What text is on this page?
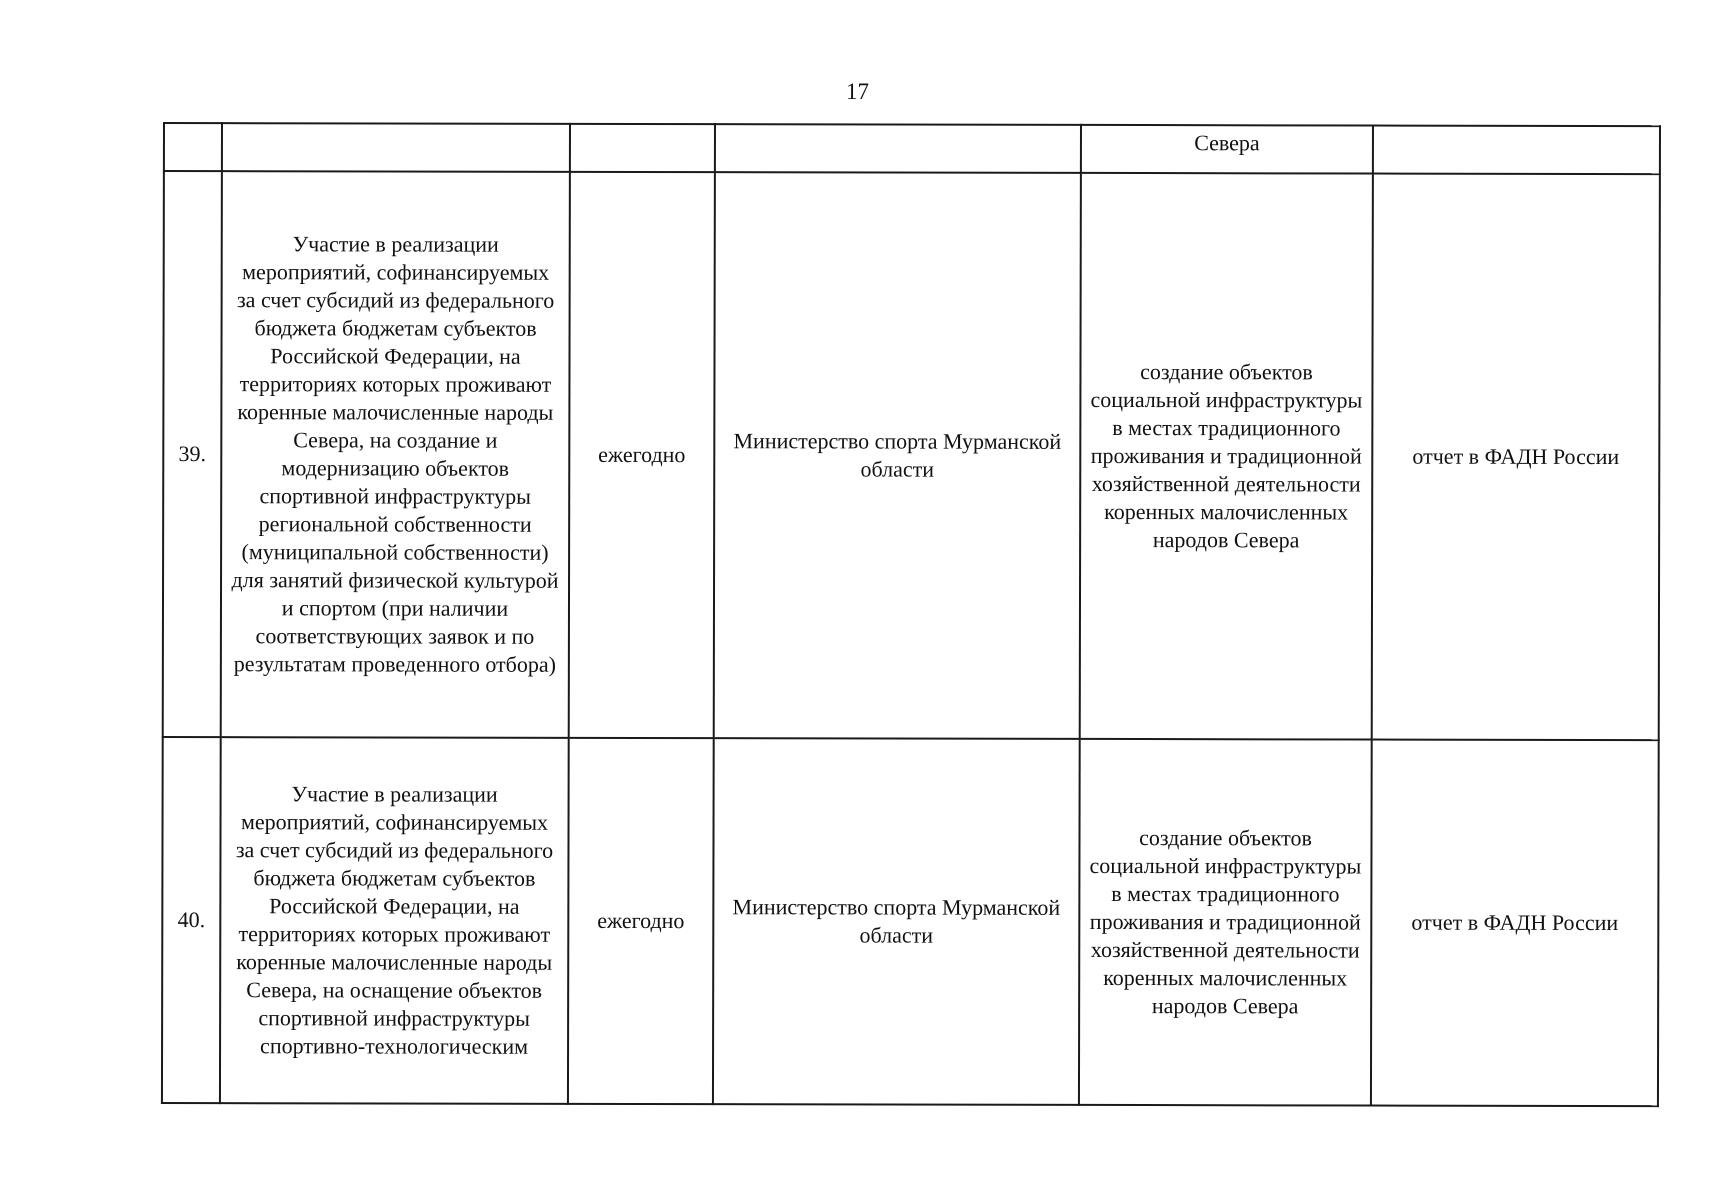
17
				Севера	
39.	Участие в реализации мероприятий, софинансируемых за счет субсидий из федерального бюджета бюджетам субъектов Российской Федерации, на территориях которых проживают коренные малочисленные народы Севера, на создание и модернизацию объектов спортивной инфраструктуры региональной собственности (муниципальной собственности) для занятий физической культурой и спортом (при наличии соответствующих заявок и по результатам проведенного отбора)	ежегодно	Министерство спорта Мурманской области	создание объектов социальной инфраструктуры в местах традиционного проживания и традиционной хозяйственной деятельности коренных малочисленных народов Севера	отчет в ФАДН России
40.	Участие в реализации мероприятий, софинансируемых за счет субсидий из федерального бюджета бюджетам субъектов Российской Федерации, на территориях которых проживают коренные малочисленные народы Севера, на оснащение объектов спортивной инфраструктуры спортивно-технологическим	ежегодно	Министерство спорта Мурманской области	создание объектов социальной инфраструктуры в местах традиционного проживания и традиционной хозяйственной деятельности коренных малочисленных народов Севера	отчет в ФАДН России
